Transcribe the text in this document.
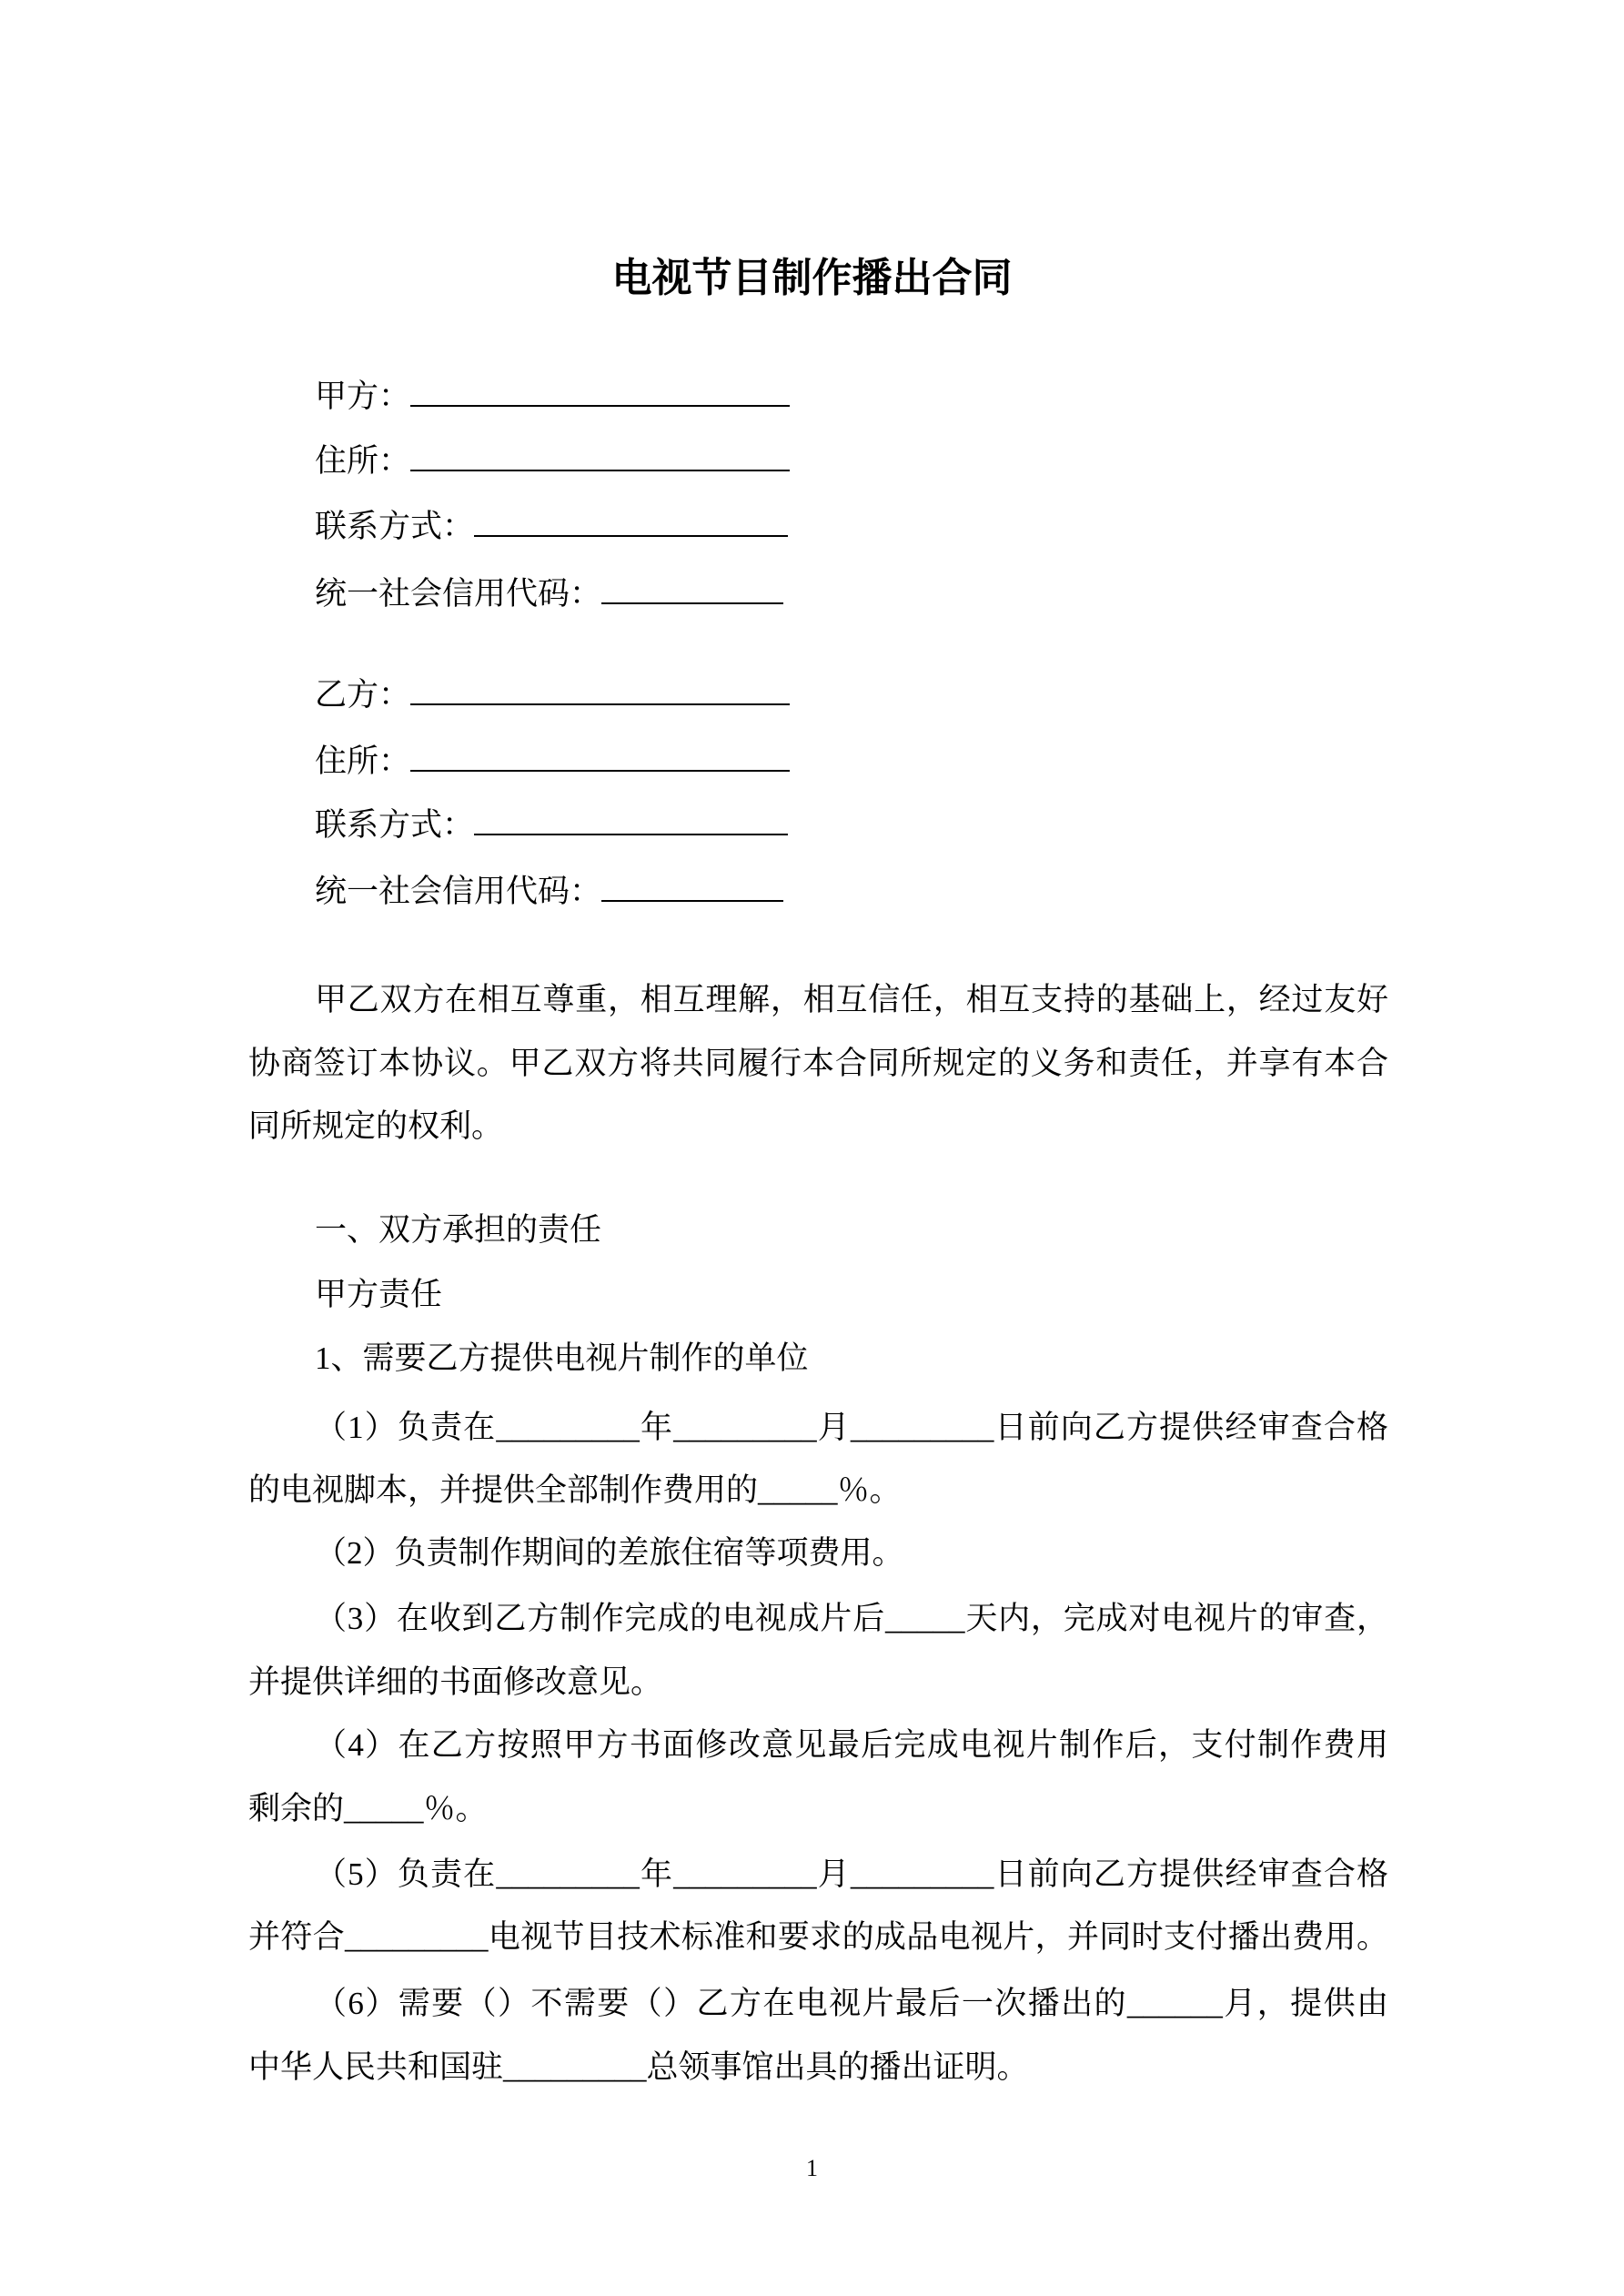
电视节目制作播出合同
甲方：
住所：
联系方式：
统一社会信用代码：
乙方：
住所：
联系方式：
统一社会信用代码：
甲乙双方在相互尊重，相互理解，相互信任，相互支持的基础上，经过友好
协商签订本协议。甲乙双方将共同履行本合同所规定的义务和责任，并享有本合
同所规定的权利。
一、双方承担的责任
甲方责任
1、需要乙方提供电视片制作的单位
（1）负责在_________年_________月_________日前向乙方提供经审查合格
的电视脚本，并提供全部制作费用的_____％。
（2）负责制作期间的差旅住宿等项费用。
（3）在收到乙方制作完成的电视成片后_____天内，完成对电视片的审查，
并提供详细的书面修改意见。
（4）在乙方按照甲方书面修改意见最后完成电视片制作后，支付制作费用
剩余的_____％。
（5）负责在_________年_________月_________日前向乙方提供经审查合格
并符合_________电视节目技术标准和要求的成品电视片，并同时支付播出费用。
（6）需要（）不需要（）乙方在电视片最后一次播出的______月，提供由
中华人民共和国驻_________总领事馆出具的播出证明。
1
